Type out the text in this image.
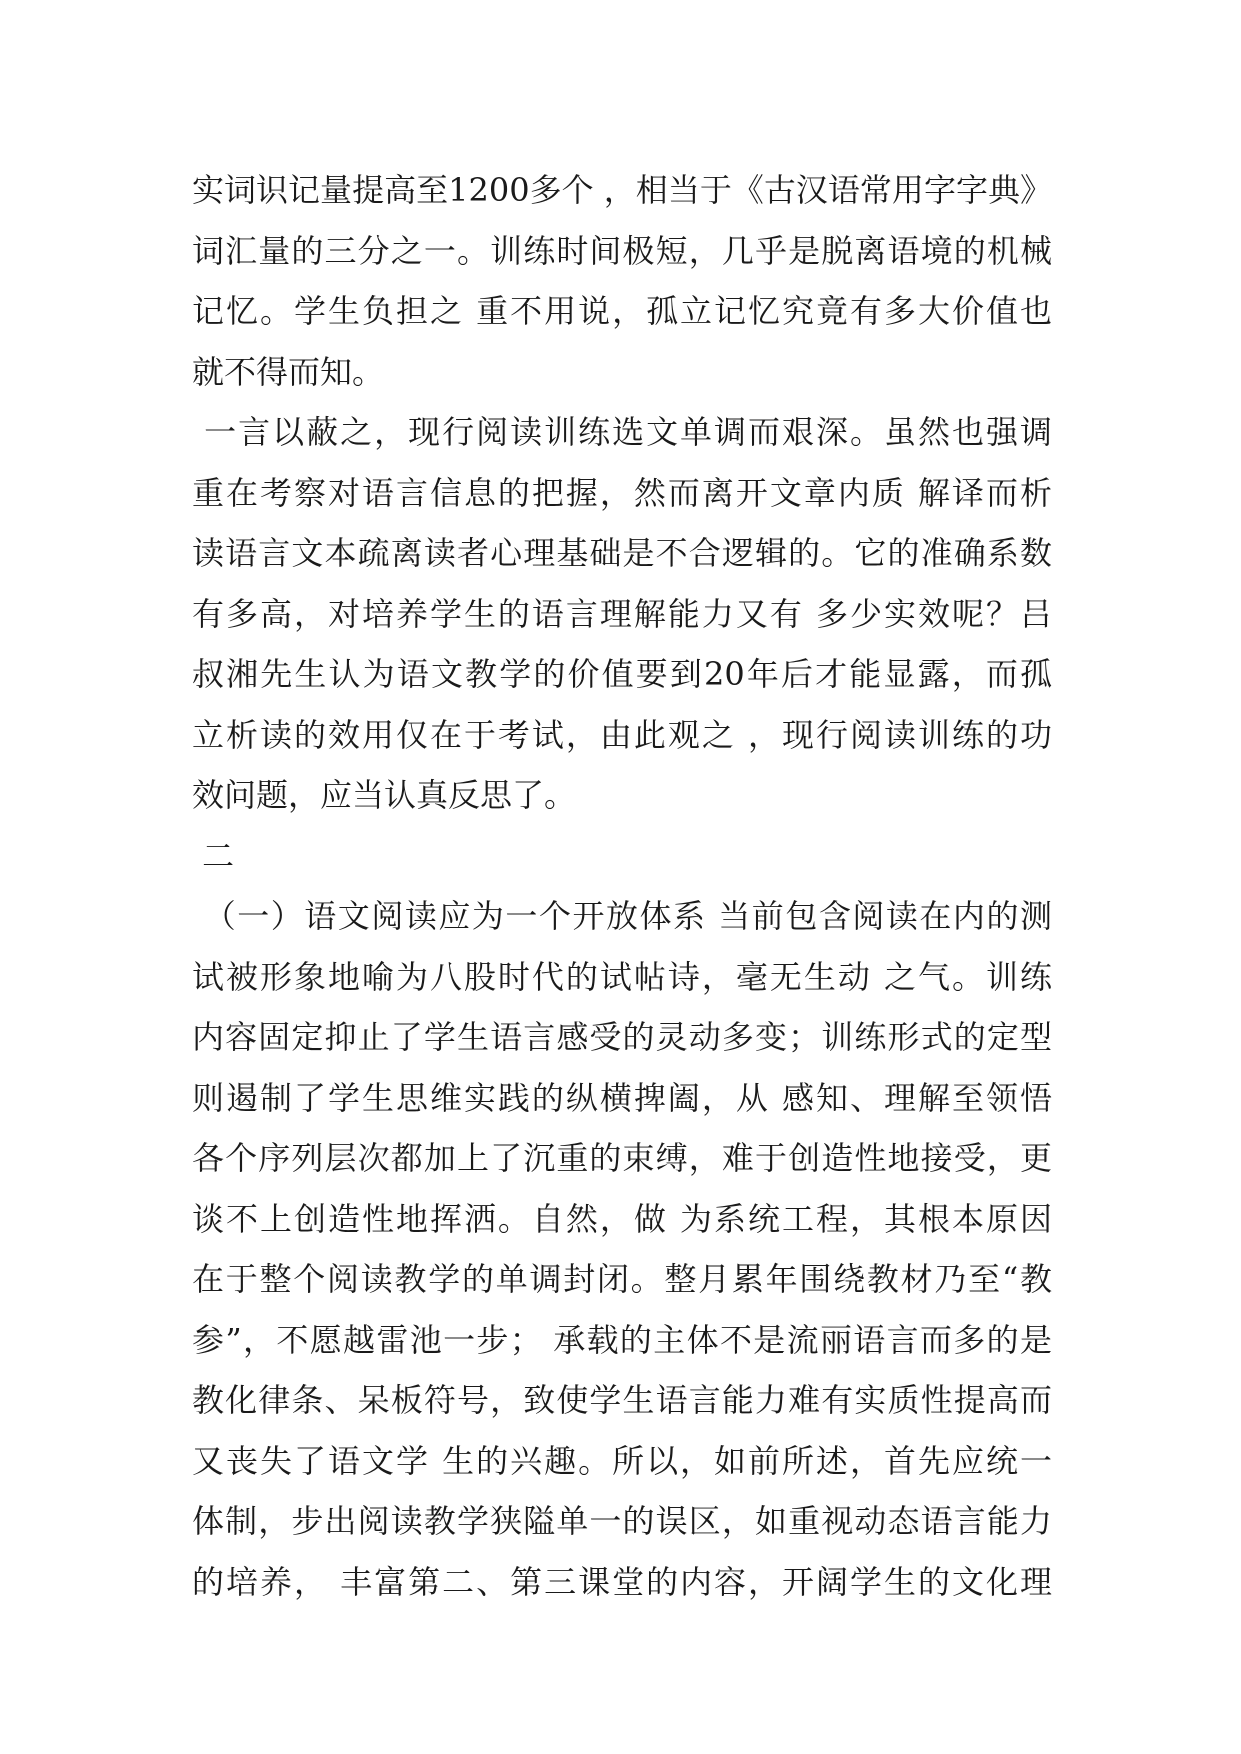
实词识记量提高至1200多个 ，相当于《古汉语常用字字典》
词汇量的三分之一。训练时间极短，几乎是脱离语境的机械
记忆。学生负担之 重不用说，孤立记忆究竟有多大价值也
就不得而知。
一言以蔽之，现行阅读训练选文单调而艰深。虽然也强调
重在考察对语言信息的把握，然而离开文章内质 解译而析
读语言文本疏离读者心理基础是不合逻辑的。它的准确系数
有多高，对培养学生的语言理解能力又有 多少实效呢？吕
叔湘先生认为语文教学的价值要到20年后才能显露，而孤
立析读的效用仅在于考试，由此观之 ，现行阅读训练的功
效问题，应当认真反思了。
二
（一）语文阅读应为一个开放体系 当前包含阅读在内的测
试被形象地喻为八股时代的试帖诗，毫无生动 之气。训练
内容固定抑止了学生语言感受的灵动多变；训练形式的定型
则遏制了学生思维实践的纵横捭阖，从 感知、理解至领悟
各个序列层次都加上了沉重的束缚，难于创造性地接受，更
谈不上创造性地挥洒。自然，做 为系统工程，其根本原因
在于整个阅读教学的单调封闭。整月累年围绕教材乃至“教
参”，不愿越雷池一步； 承载的主体不是流丽语言而多的是
教化律条、呆板符号，致使学生语言能力难有实质性提高而
又丧失了语文学 生的兴趣。所以，如前所述，首先应统一
体制，步出阅读教学狭隘单一的误区，如重视动态语言能力
的培养， 丰富第二、第三课堂的内容，开阔学生的文化理
